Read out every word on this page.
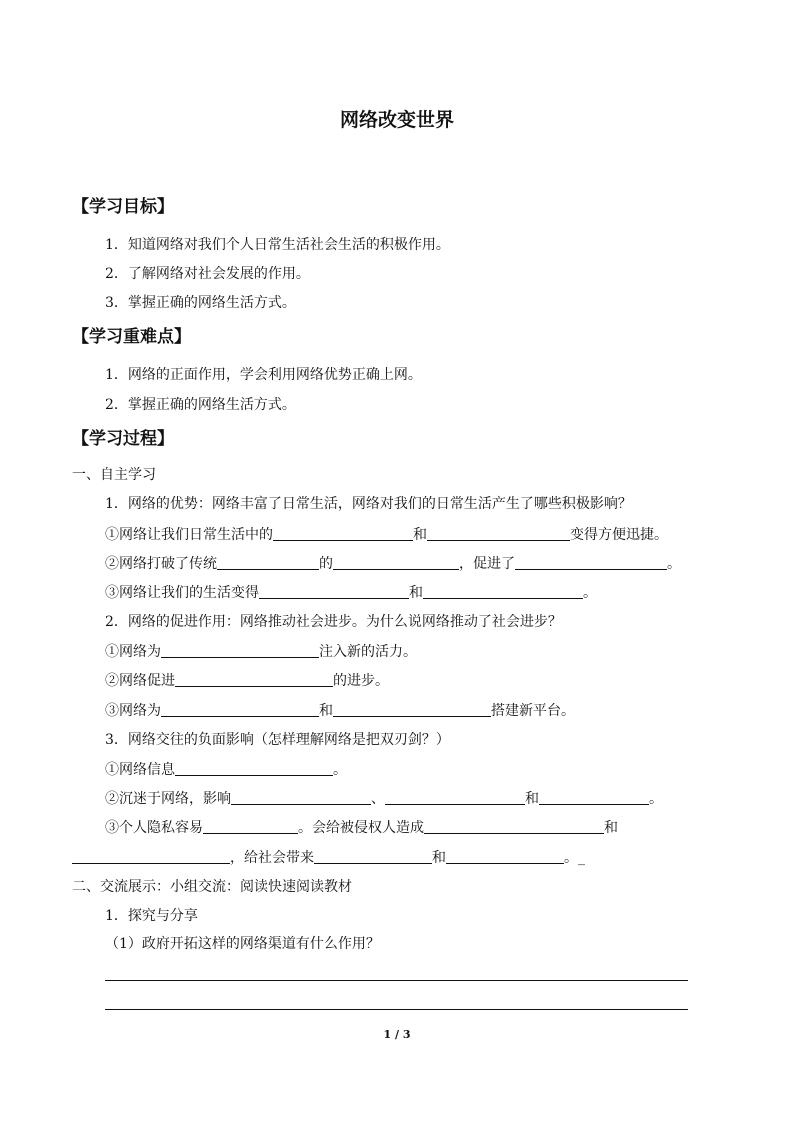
网络改变世界
【学习目标】
1．知道网络对我们个人日常生活社会生活的积极作用。
2．了解网络对社会发展的作用。
3．掌握正确的网络生活方式。
【学习重难点】
1．网络的正面作用，学会利用网络优势正确上网。
2．掌握正确的网络生活方式。
【学习过程】
一、自主学习
1．网络的优势：网络丰富了日常生活，网络对我们的日常生活产生了哪些积极影响？
①网络让我们日常生活中的	和	变得方便迅捷。
②网络打破了传统	的	，促进了	。
③网络让我们的生活变得	和	。
2．网络的促进作用：网络推动社会进步。为什么说网络推动了社会进步？
①网络为	注入新的活力。
②网络促进	的进步。
③网络为	和	搭建新平台。
3．网络交往的负面影响（怎样理解网络是把双刃剑？）
①网络信息	。
②沉迷于网络，影响	、	和	。
③个人隐私容易	。会给被侵权人造成	和
，给社会带来	和	。_
二、交流展示：小组交流：阅读快速阅读教材
1．探究与分享
（1）政府开拓这样的网络渠道有什么作用？
1 / 3
